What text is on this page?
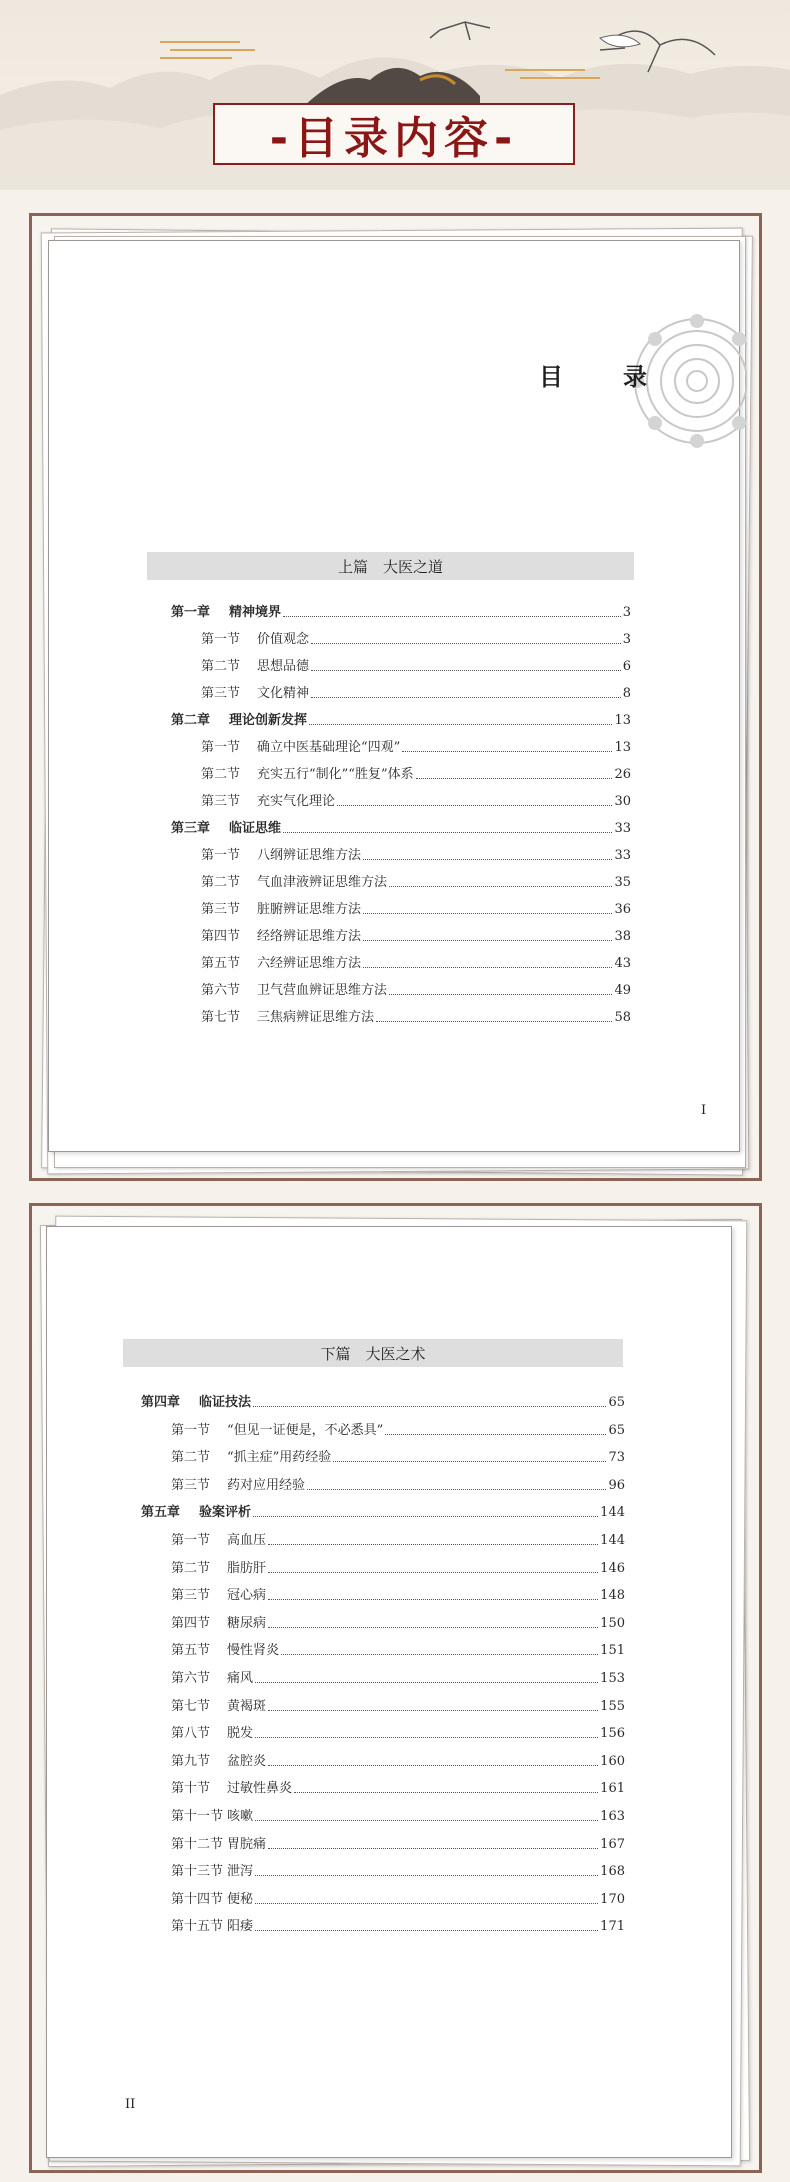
-目录内容-
目　录
上篇　大医之道
第一章 精神境界	3
第一节 价值观念	3
第二节 思想品德	6
第三节 文化精神	8
第二章 理论创新发挥	13
第一节 确立中医基础理论“四观”	13
第二节 充实五行“制化”“胜复”体系	26
第三节 充实气化理论	30
第三章 临证思维	33
第一节 八纲辨证思维方法	33
第二节 气血津液辨证思维方法	35
第三节 脏腑辨证思维方法	36
第四节 经络辨证思维方法	38
第五节 六经辨证思维方法	43
第六节 卫气营血辨证思维方法	49
第七节 三焦病辨证思维方法	58
I
下篇　大医之术
第四章 临证技法	65
第一节 “但见一证便是，不必悉具”	65
第二节 “抓主症”用药经验	73
第三节 药对应用经验	96
第五章 验案评析	144
第一节 高血压	144
第二节 脂肪肝	146
第三节 冠心病	148
第四节 糖尿病	150
第五节 慢性肾炎	151
第六节 痛风	153
第七节 黄褐斑	155
第八节 脱发	156
第九节 盆腔炎	160
第十节 过敏性鼻炎	161
第十一节 咳嗽	163
第十二节 胃脘痛	167
第十三节 泄泻	168
第十四节 便秘	170
第十五节 阳痿	171
II
